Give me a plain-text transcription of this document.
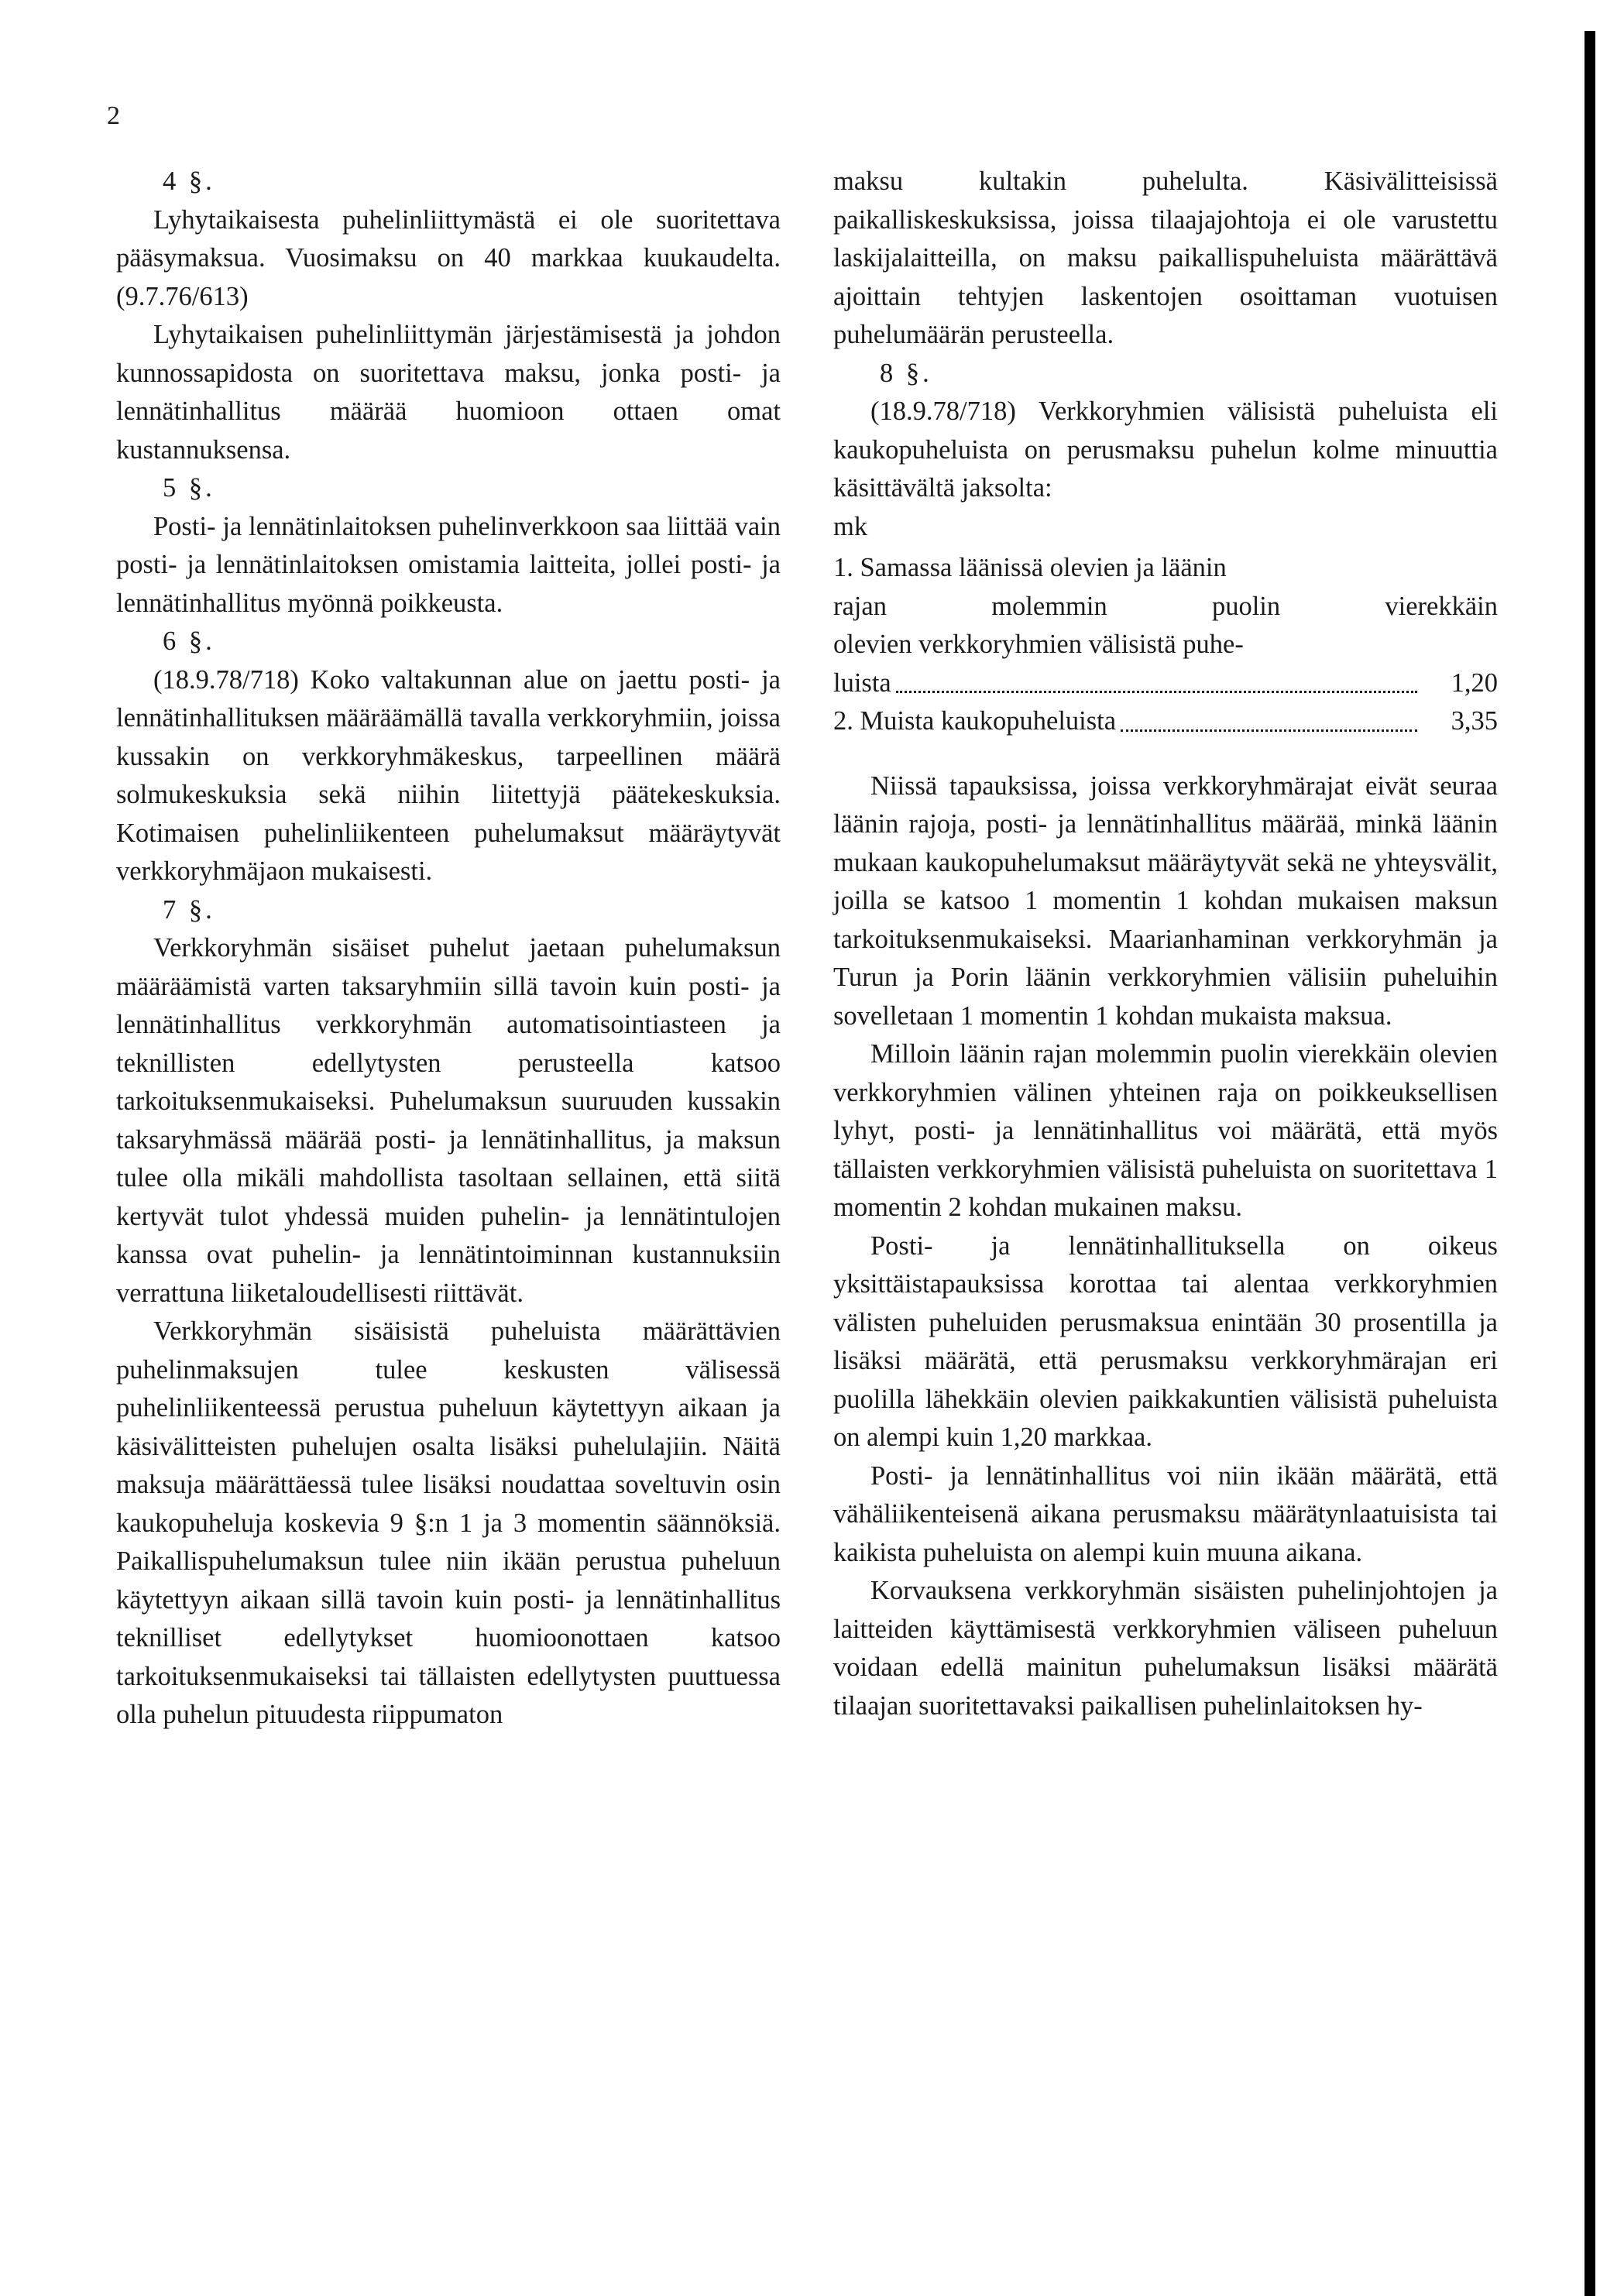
2

4 §.

Lyhytaikaisesta puhelinliittymästä ei ole suoritettava pääsymaksua. Vuosimaksu on 40 markkaa kuukaudelta. (9.7.76/613)

Lyhytaikaisen puhelinliittymän järjestämisestä ja johdon kunnossapidosta on suoritettava maksu, jonka posti- ja lennätinhallitus määrää huomioon ottaen omat kustannuksensa.

5 §.

Posti- ja lennätinlaitoksen puhelinverkkoon saa liittää vain posti- ja lennätinlaitoksen omistamia laitteita, jollei posti- ja lennätinhallitus myönnä poikkeusta.

6 §.

(18.9.78/718) Koko valtakunnan alue on jaettu posti- ja lennätinhallituksen määräämällä tavalla verkkoryhmiin, joissa kussakin on verkkoryhmäkeskus, tarpeellinen määrä solmukeskuksia sekä niihin liitettyjä päätekeskuksia. Kotimaisen puhelinliikenteen puhelumaksut määräytyvät verkkoryhmäjaon mukaisesti.

7 §.

Verkkoryhmän sisäiset puhelut jaetaan puhelumaksun määräämistä varten taksaryhmiin sillä tavoin kuin posti- ja lennätinhallitus verkkoryhmän automatisointiasteen ja teknillisten edellytysten perusteella katsoo tarkoituksenmukaiseksi. Puhelumaksun suuruuden kussakin taksaryhmässä määrää posti- ja lennätinhallitus, ja maksun tulee olla mikäli mahdollista tasoltaan sellainen, että siitä kertyvät tulot yhdessä muiden puhelin- ja lennätintulojen kanssa ovat puhelin- ja lennätintoiminnan kustannuksiin verrattuna liiketaloudellisesti riittävät.

Verkkoryhmän sisäisistä puheluista määrättävien puhelinmaksujen tulee keskusten välisessä puhelinliikenteessä perustua puheluun käytettyyn aikaan ja käsivälitteisten puhelujen osalta lisäksi puhelulajiin. Näitä maksuja määrättäessä tulee lisäksi noudattaa soveltuvin osin kaukopuheluja koskevia 9 §:n 1 ja 3 momentin säännöksiä. Paikallispuhelumaksun tulee niin ikään perustua puheluun käytettyyn aikaan sillä tavoin kuin posti- ja lennätinhallitus teknilliset edellytykset huomioonottaen katsoo tarkoituksenmukaiseksi tai tällaisten edellytysten puuttuessa olla puhelun pituudesta riippumaton

maksu kultakin puhelulta. Käsivälitteisissä paikalliskeskuksissa, joissa tilaajajohtoja ei ole varustettu laskijalaitteilla, on maksu paikallispuheluista määrättävä ajoittain tehtyjen laskentojen osoittaman vuotuisen puhelumäärän perusteella.

8 §.

(18.9.78/718) Verkkoryhmien välisistä puheluista eli kaukopuheluista on perusmaksu puhelun kolme minuuttia käsittävältä jaksolta:

mk

1. Samassa läänissä olevien ja läänin
rajan molemmin puolin vierekkäin
olevien verkkoryhmien välisistä puhe-
luista	1,20
2. Muista kaukopuheluista	3,35

Niissä tapauksissa, joissa verkkoryhmärajat eivät seuraa läänin rajoja, posti- ja lennätinhallitus määrää, minkä läänin mukaan kaukopuhelumaksut määräytyvät sekä ne yhteysvälit, joilla se katsoo 1 momentin 1 kohdan mukaisen maksun tarkoituksenmukaiseksi. Maarianhaminan verkkoryhmän ja Turun ja Porin läänin verkkoryhmien välisiin puheluihin sovelletaan 1 momentin 1 kohdan mukaista maksua.

Milloin läänin rajan molemmin puolin vierekkäin olevien verkkoryhmien välinen yhteinen raja on poikkeuksellisen lyhyt, posti- ja lennätinhallitus voi määrätä, että myös tällaisten verkkoryhmien välisistä puheluista on suoritettava 1 momentin 2 kohdan mukainen maksu.

Posti- ja lennätinhallituksella on oikeus yksittäistapauksissa korottaa tai alentaa verkkoryhmien välisten puheluiden perusmaksua enintään 30 prosentilla ja lisäksi määrätä, että perusmaksu verkkoryhmärajan eri puolilla lähekkäin olevien paikkakuntien välisistä puheluista on alempi kuin 1,20 markkaa.

Posti- ja lennätinhallitus voi niin ikään määrätä, että vähäliikenteisenä aikana perusmaksu määrätynlaatuisista tai kaikista puheluista on alempi kuin muuna aikana.

Korvauksena verkkoryhmän sisäisten puhelinjohtojen ja laitteiden käyttämisestä verkkoryhmien väliseen puheluun voidaan edellä mainitun puhelumaksun lisäksi määrätä tilaajan suoritettavaksi paikallisen puhelinlaitoksen hy-
